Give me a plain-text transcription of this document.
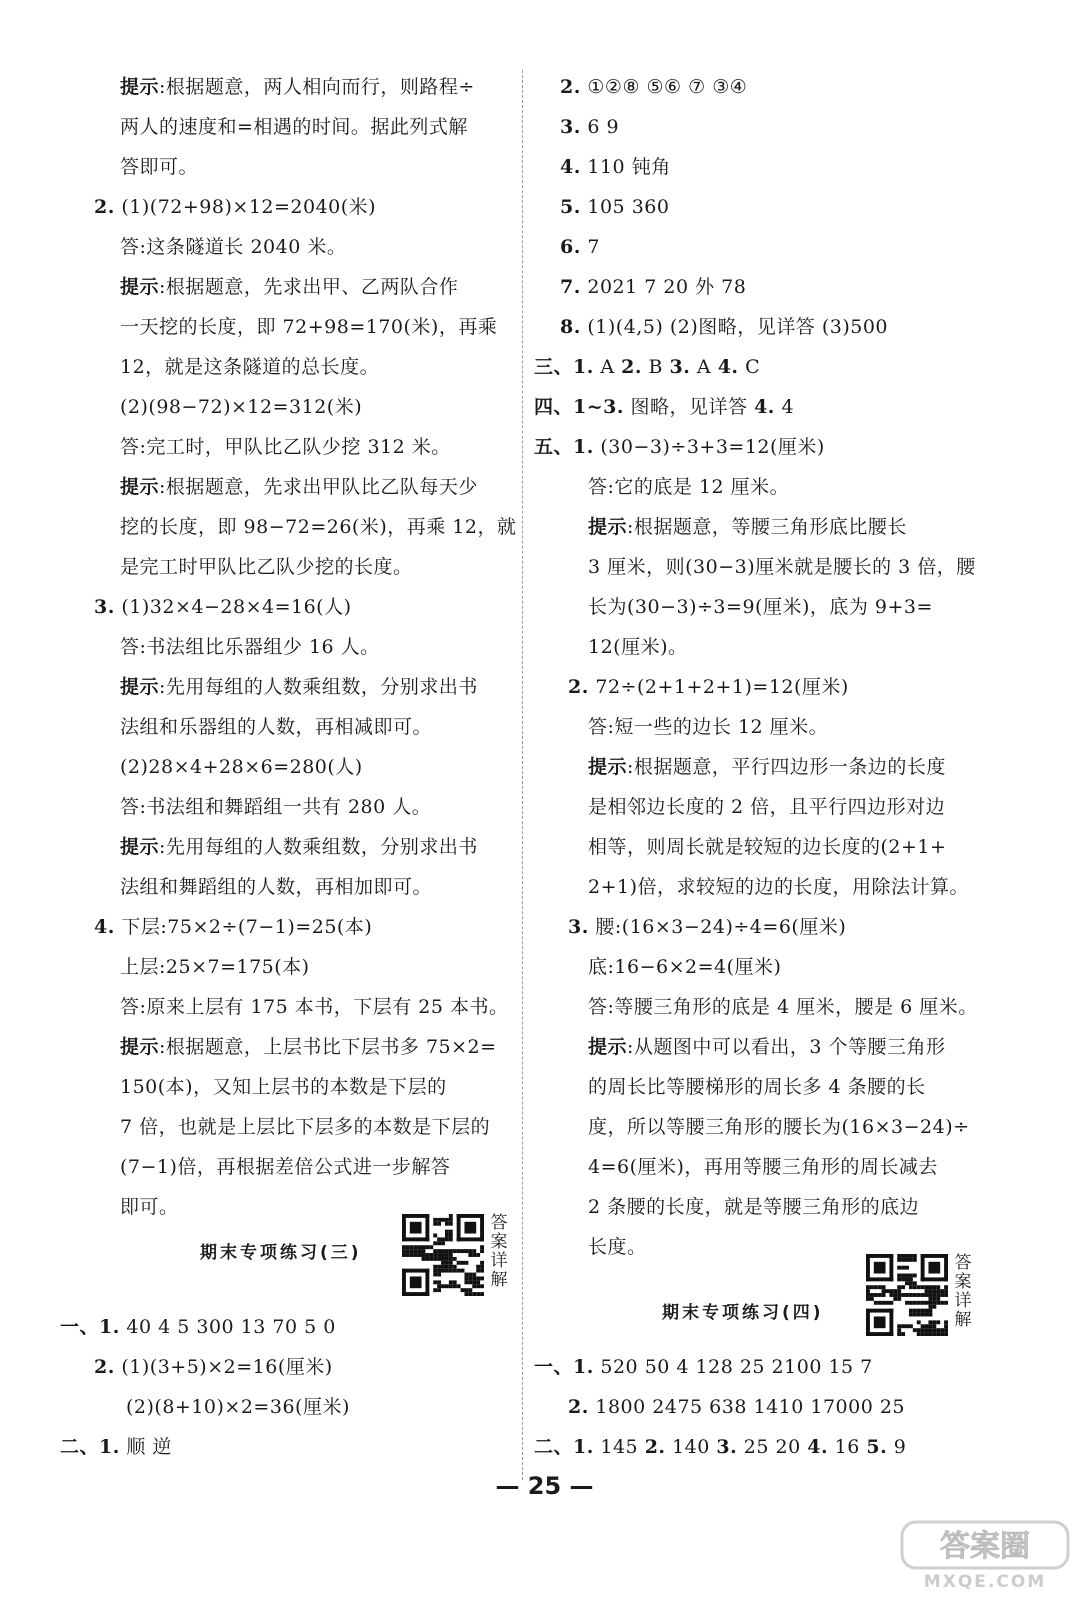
提示:根据题意，两人相向而行，则路程÷
两人的速度和=相遇的时间。据此列式解
答即可。
2. (1)(72+98)×12=2040(米)
答:这条隧道长 2040 米。
提示:根据题意，先求出甲、乙两队合作
一天挖的长度，即 72+98=170(米)，再乘
12，就是这条隧道的总长度。
(2)(98−72)×12=312(米)
答:完工时，甲队比乙队少挖 312 米。
提示:根据题意，先求出甲队比乙队每天少
挖的长度，即 98−72=26(米)，再乘 12，就
是完工时甲队比乙队少挖的长度。
3. (1)32×4−28×4=16(人)
答:书法组比乐器组少 16 人。
提示:先用每组的人数乘组数，分别求出书
法组和乐器组的人数，再相减即可。
(2)28×4+28×6=280(人)
答:书法组和舞蹈组一共有 280 人。
提示:先用每组的人数乘组数，分别求出书
法组和舞蹈组的人数，再相加即可。
4. 下层:75×2÷(7−1)=25(本)
上层:25×7=175(本)
答:原来上层有 175 本书，下层有 25 本书。
提示:根据题意，上层书比下层书多 75×2=
150(本)，又知上层书的本数是下层的
7 倍，也就是上层比下层多的本数是下层的
(7−1)倍，再根据差倍公式进一步解答
即可。
一、1. 40 4 5 300 13 70 5 0
2. (1)(3+5)×2=16(厘米)
(2)(8+10)×2=36(厘米)
二、1. 顺 逆
2. ①②⑧ ⑤⑥ ⑦ ③④
3. 6 9
4. 110 钝角
5. 105 360
6. 7
7. 2021 7 20 外 78
8. (1)(4,5) (2)图略，见详答 (3)500
三、1. A 2. B 3. A 4. C
四、1~3. 图略，见详答 4. 4
五、1. (30−3)÷3+3=12(厘米)
答:它的底是 12 厘米。
提示:根据题意，等腰三角形底比腰长
3 厘米，则(30−3)厘米就是腰长的 3 倍，腰
长为(30−3)÷3=9(厘米)，底为 9+3=
12(厘米)。
2. 72÷(2+1+2+1)=12(厘米)
答:短一些的边长 12 厘米。
提示:根据题意，平行四边形一条边的长度
是相邻边长度的 2 倍，且平行四边形对边
相等，则周长就是较短的边长度的(2+1+
2+1)倍，求较短的边的长度，用除法计算。
3. 腰:(16×3−24)÷4=6(厘米)
底:16−6×2=4(厘米)
答:等腰三角形的底是 4 厘米，腰是 6 厘米。
提示:从题图中可以看出，3 个等腰三角形
的周长比等腰梯形的周长多 4 条腰的长
度，所以等腰三角形的腰长为(16×3−24)÷
4=6(厘米)，再用等腰三角形的周长减去
2 条腰的长度，就是等腰三角形的底边
长度。
一、1. 520 50 4 128 25 2100 15 7
2. 1800 2475 638 1410 17000 25
二、1. 145 2. 140 3. 25 20 4. 16 5. 9
期末专项练习(三)
答案详解
期末专项练习(四)
答案详解
— 25 —
答案圈
MXQE.COM
